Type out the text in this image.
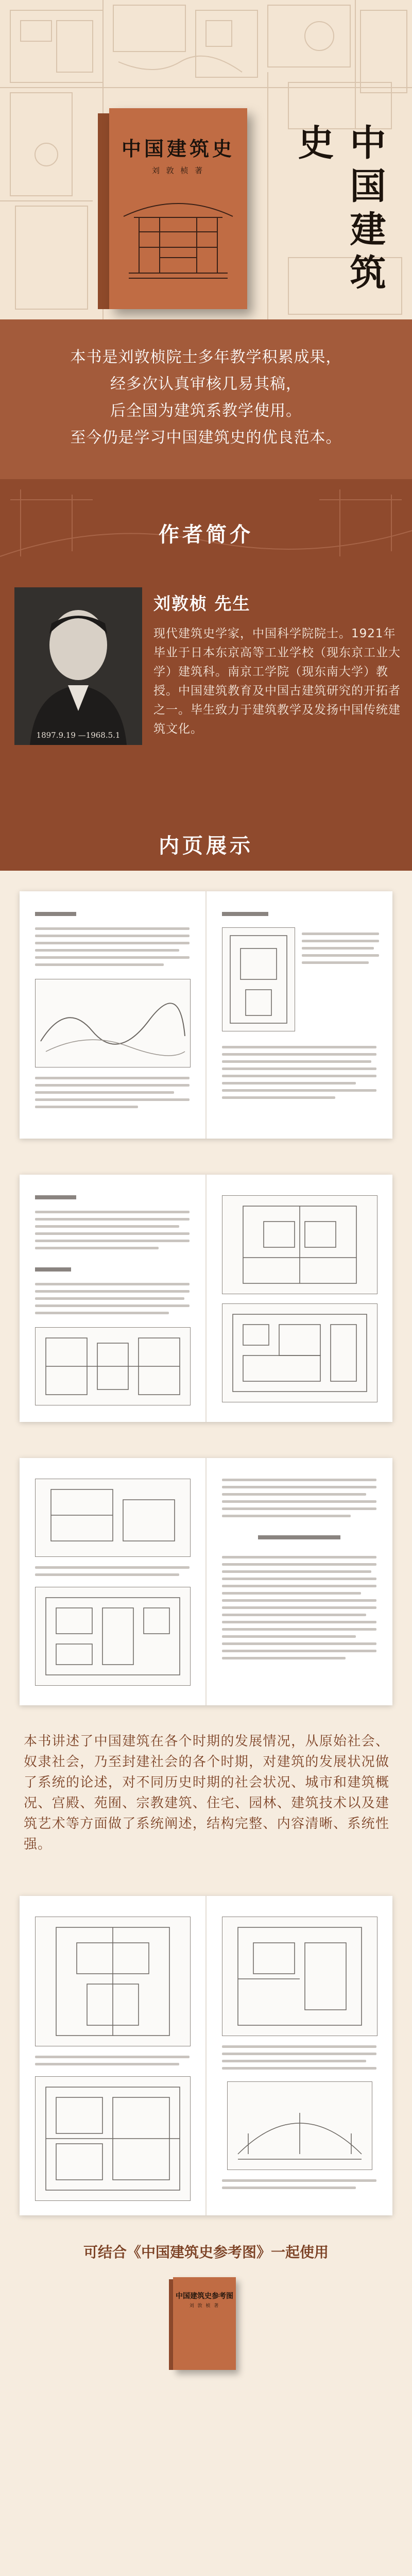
中国建筑史
刘 敦 桢 著	中国建筑史
本书是刘敦桢院士多年教学积累成果，
经多次认真审核几易其稿，
后全国为建筑系教学使用。
至今仍是学习中国建筑史的优良范本。
作者简介
1897.9.19 —1968.5.1
刘敦桢 先生
现代建筑史学家，中国科学院院士。1921年毕业于日本东京高等工业学校（现东京工业大学）建筑科。南京工学院（现东南大学）教授。中国建筑教育及中国古建筑研究的开拓者之一。毕生致力于建筑教学及发扬中国传统建筑文化。
内页展示
本书讲述了中国建筑在各个时期的发展情况，从原始社会、奴隶社会，乃至封建社会的各个时期，对建筑的发展状况做了系统的论述，对不同历史时期的社会状况、城市和建筑概况、宫殿、苑囿、宗教建筑、住宅、园林、建筑技术以及建筑艺术等方面做了系统阐述，结构完整、内容清晰、系统性强。
可结合《中国建筑史参考图》一起使用
中国建筑史参考图
刘 敦 桢 著
